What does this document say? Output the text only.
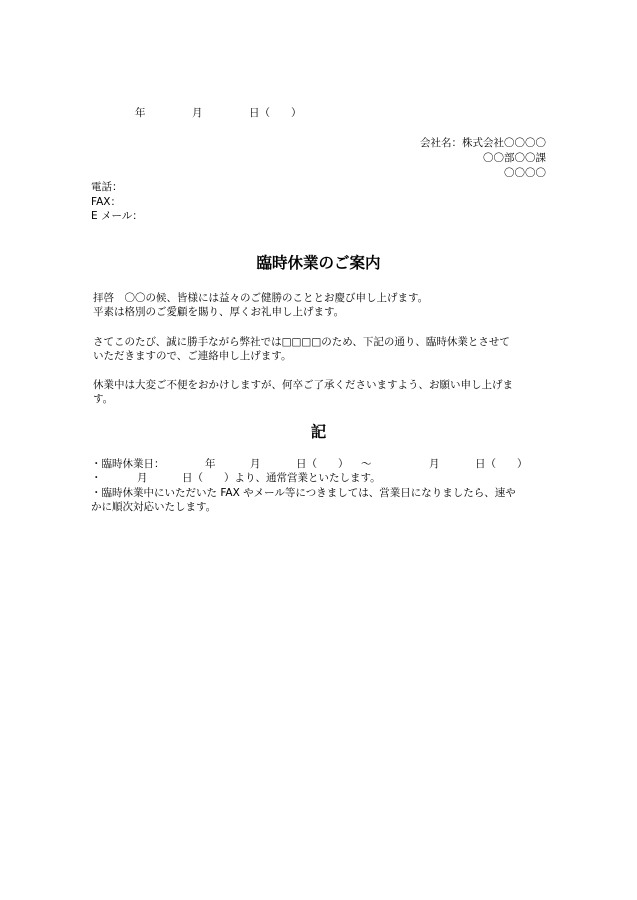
年	月	日（　　）
会社名：株式会社〇〇〇〇
〇〇部〇〇課
〇〇〇〇
電話：
FAX：
E メール：
臨時休業のご案内
拝啓　〇〇の候、皆様には益々のご健勝のこととお慶び申し上げます。
平素は格別のご愛顧を賜り、厚くお礼申し上げます。
さてこのたび、誠に勝手ながら弊社では□□□□のため、下記の通り、臨時休業とさせて
いただきますので、ご連絡申し上げます。
休業中は大変ご不便をおかけしますが、何卒ご了承くださいますよう、お願い申し上げま
す。
記
・臨時休業日：	年	月	日（　　） ～	月	日（　　）
・	月	日（　　）より、通常営業といたします。
・臨時休業中にいただいた FAX やメール等につきましては、営業日になりましたら、速や
かに順次対応いたします。
